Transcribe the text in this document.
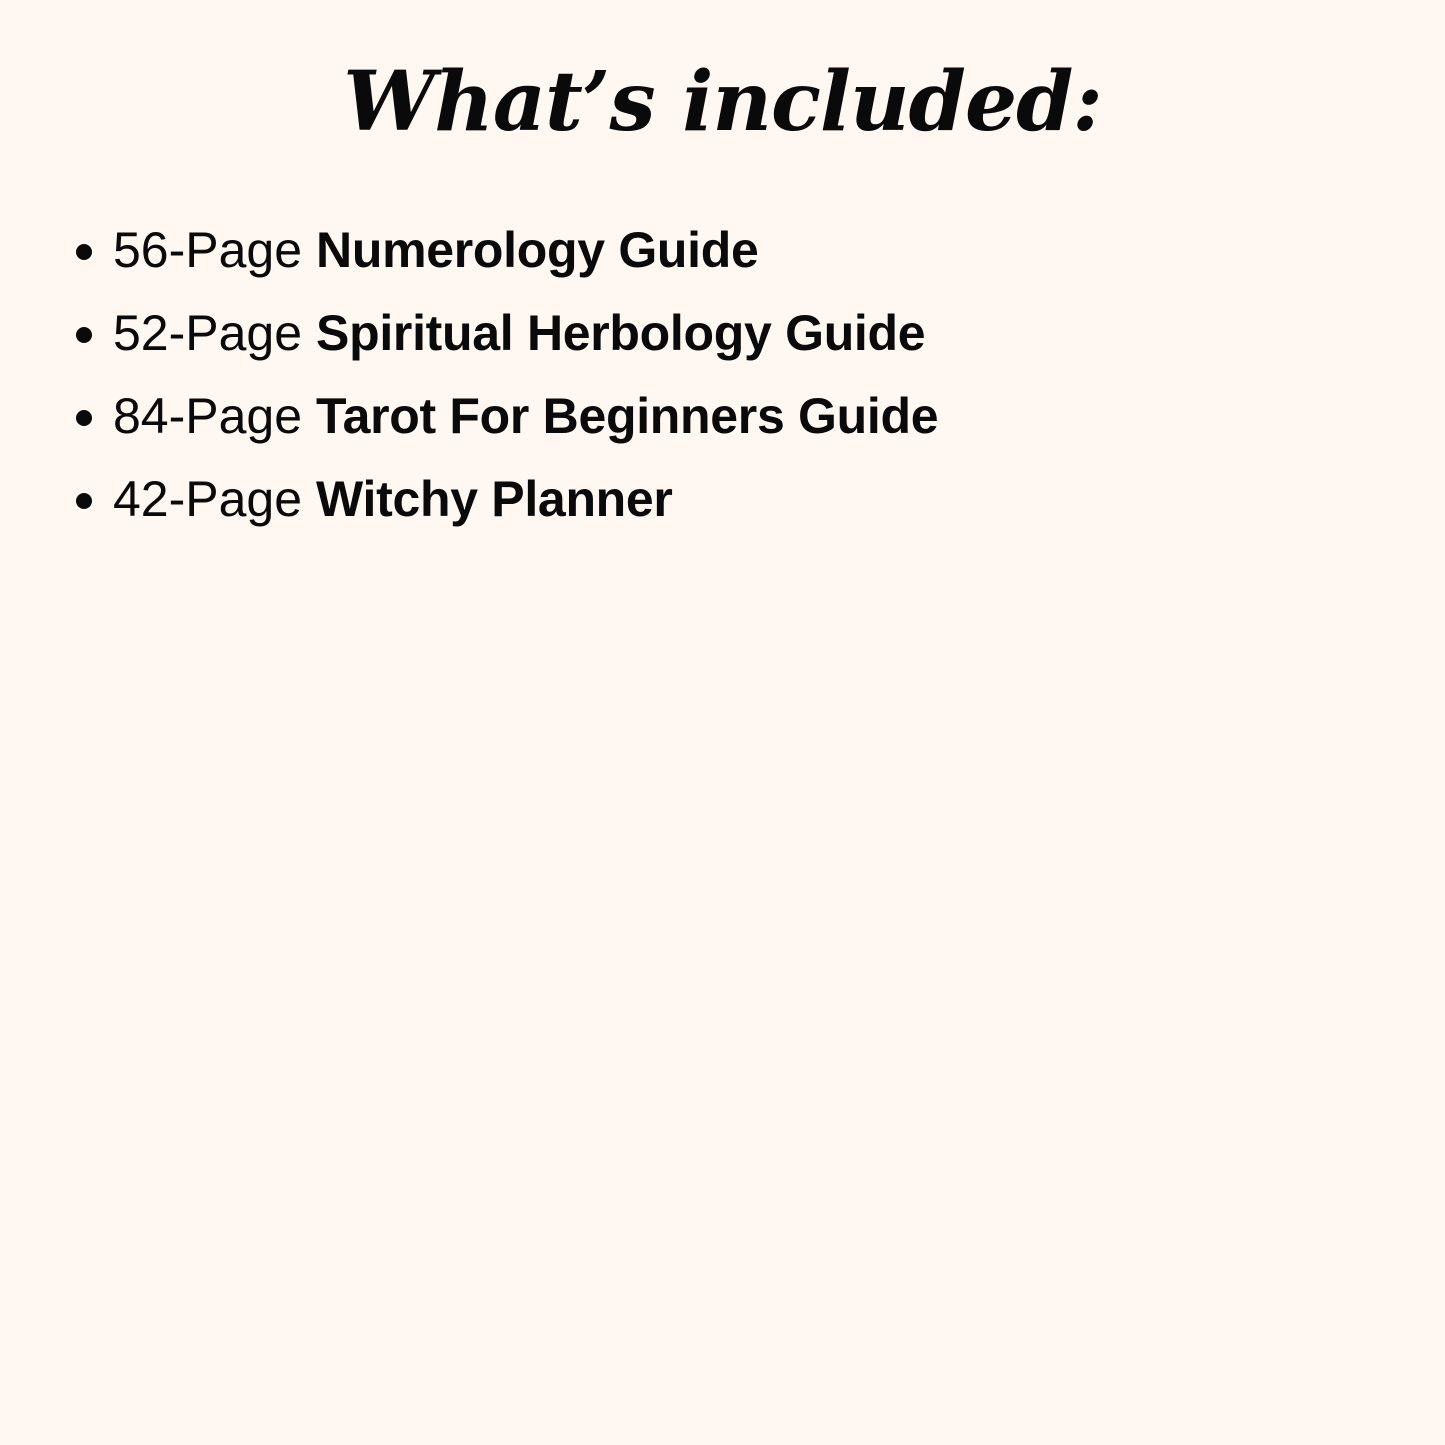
What’s included:
56-Page Numerology Guide
52-Page Spiritual Herbology Guide
84-Page Tarot For Beginners Guide
42-Page Witchy Planner
